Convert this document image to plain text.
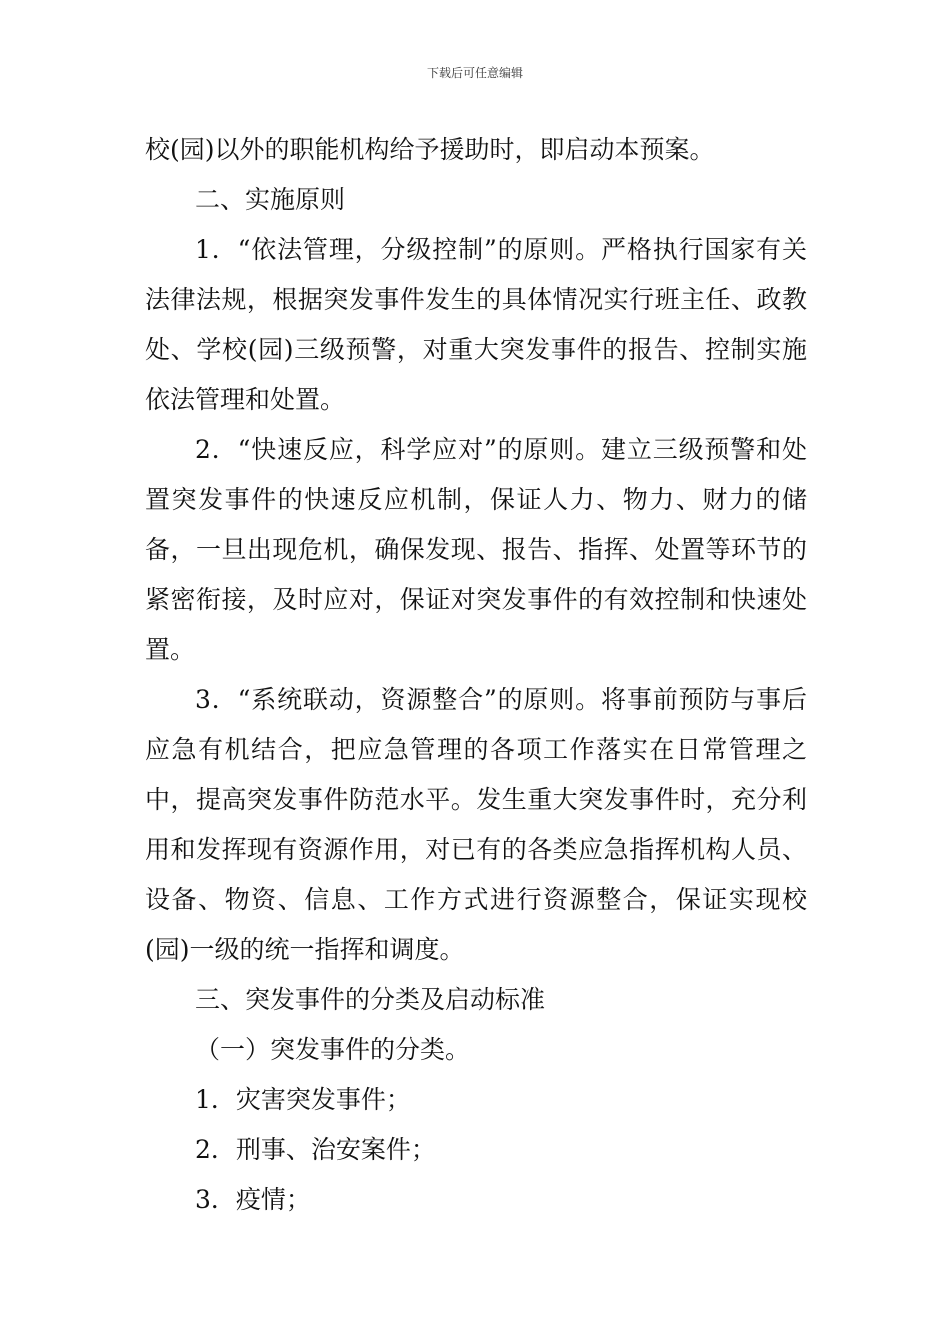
下载后可任意编辑

校(园)以外的职能机构给予援助时，即启动本预案。

二、实施原则

1．“依法管理，分级控制”的原则。严格执行国家有关法律法规，根据突发事件发生的具体情况实行班主任、政教处、学校(园)三级预警，对重大突发事件的报告、控制实施依法管理和处置。

2．“快速反应，科学应对”的原则。建立三级预警和处置突发事件的快速反应机制，保证人力、物力、财力的储备，一旦出现危机，确保发现、报告、指挥、处置等环节的紧密衔接，及时应对，保证对突发事件的有效控制和快速处置。

3．“系统联动，资源整合”的原则。将事前预防与事后应急有机结合，把应急管理的各项工作落实在日常管理之中，提高突发事件防范水平。发生重大突发事件时，充分利用和发挥现有资源作用，对已有的各类应急指挥机构人员、设备、物资、信息、工作方式进行资源整合，保证实现校(园)一级的统一指挥和调度。

三、突发事件的分类及启动标准

（一）突发事件的分类。

1．灾害突发事件；

2．刑事、治安案件；

3．疫情；
